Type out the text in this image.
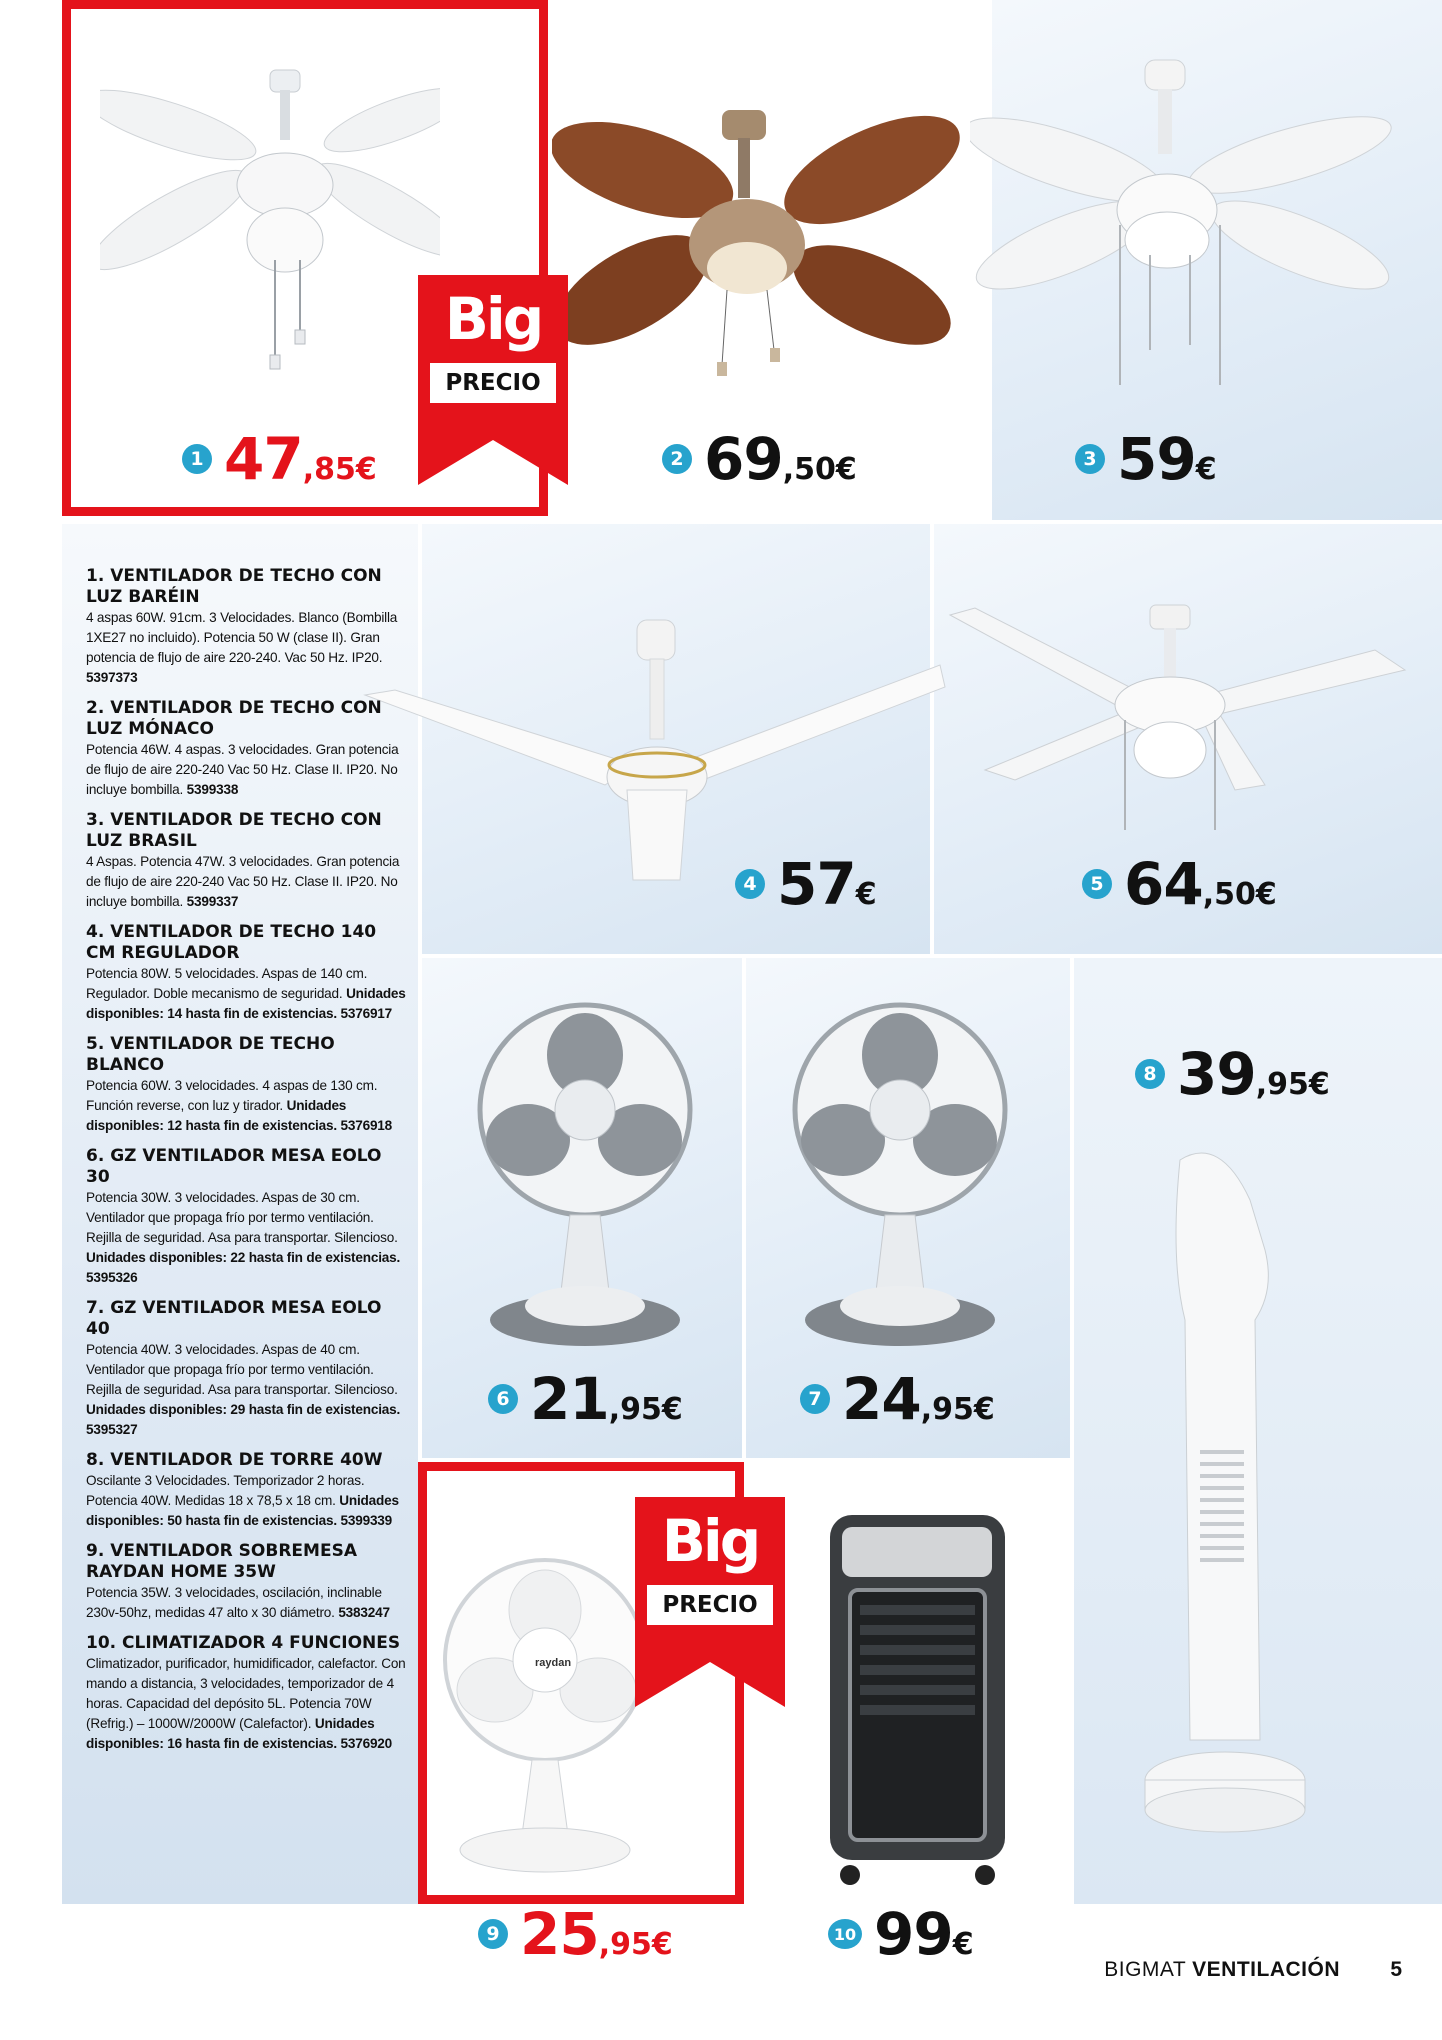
raydan
Big
PRECIO
Big
PRECIO
1 47 ,85 €	2 69 ,50 €	3 59 €
4 57 €	5 64 ,50 €
6 21 ,95 €	7 24 ,95 €
8 39 ,95 €
9 25 ,95 €	10 99 €
1. VENTILADOR DE TECHO CON LUZ BARÉIN
4 aspas 60W. 91cm. 3 Velocidades. Blanco (Bombilla 1XE27 no incluido). Potencia 50 W (clase II). Gran potencia de flujo de aire 220-240. Vac 50 Hz. IP20. 5397373
2. VENTILADOR DE TECHO CON LUZ MÓNACO
Potencia 46W. 4 aspas. 3 velocidades. Gran potencia de flujo de aire 220-240 Vac 50 Hz. Clase II. IP20. No incluye bombilla. 5399338
3. VENTILADOR DE TECHO CON LUZ BRASIL
4 Aspas. Potencia 47W. 3 velocidades. Gran potencia de flujo de aire 220-240 Vac 50 Hz. Clase II. IP20. No incluye bombilla. 5399337
4. VENTILADOR DE TECHO 140 CM REGULADOR
Potencia 80W. 5 velocidades. Aspas de 140 cm. Regulador. Doble mecanismo de seguridad. Unidades disponibles: 14 hasta fin de existencias. 5376917
5. VENTILADOR DE TECHO BLANCO
Potencia 60W. 3 velocidades. 4 aspas de 130 cm. Función reverse, con luz y tirador. Unidades disponibles: 12 hasta fin de existencias. 5376918
6. GZ VENTILADOR MESA EOLO 30
Potencia 30W. 3 velocidades. Aspas de 30 cm. Ventilador que propaga frío por termo ventilación. Rejilla de seguridad. Asa para transportar. Silencioso. Unidades disponibles: 22 hasta fin de existencias. 5395326
7. GZ VENTILADOR MESA EOLO 40
Potencia 40W. 3 velocidades. Aspas de 40 cm. Ventilador que propaga frío por termo ventilación. Rejilla de seguridad. Asa para transportar. Silencioso. Unidades disponibles: 29 hasta fin de existencias. 5395327
8. VENTILADOR DE TORRE 40W
Oscilante 3 Velocidades. Temporizador 2 horas. Potencia 40W. Medidas 18 x 78,5 x 18 cm. Unidades disponibles: 50 hasta fin de existencias. 5399339
9. VENTILADOR SOBREMESA RAYDAN HOME 35W
Potencia 35W. 3 velocidades, oscilación, inclinable 230v-50hz, medidas 47 alto x 30 diámetro. 5383247
10. CLIMATIZADOR 4 FUNCIONES
Climatizador, purificador, humidificador, calefactor. Con mando a distancia, 3 velocidades, temporizador de 4 horas. Capacidad del depósito 5L. Potencia 70W (Refrig.) – 1000W/2000W (Calefactor). Unidades disponibles: 16 hasta fin de existencias. 5376920
BIGMAT VENTILACIÓN 5
